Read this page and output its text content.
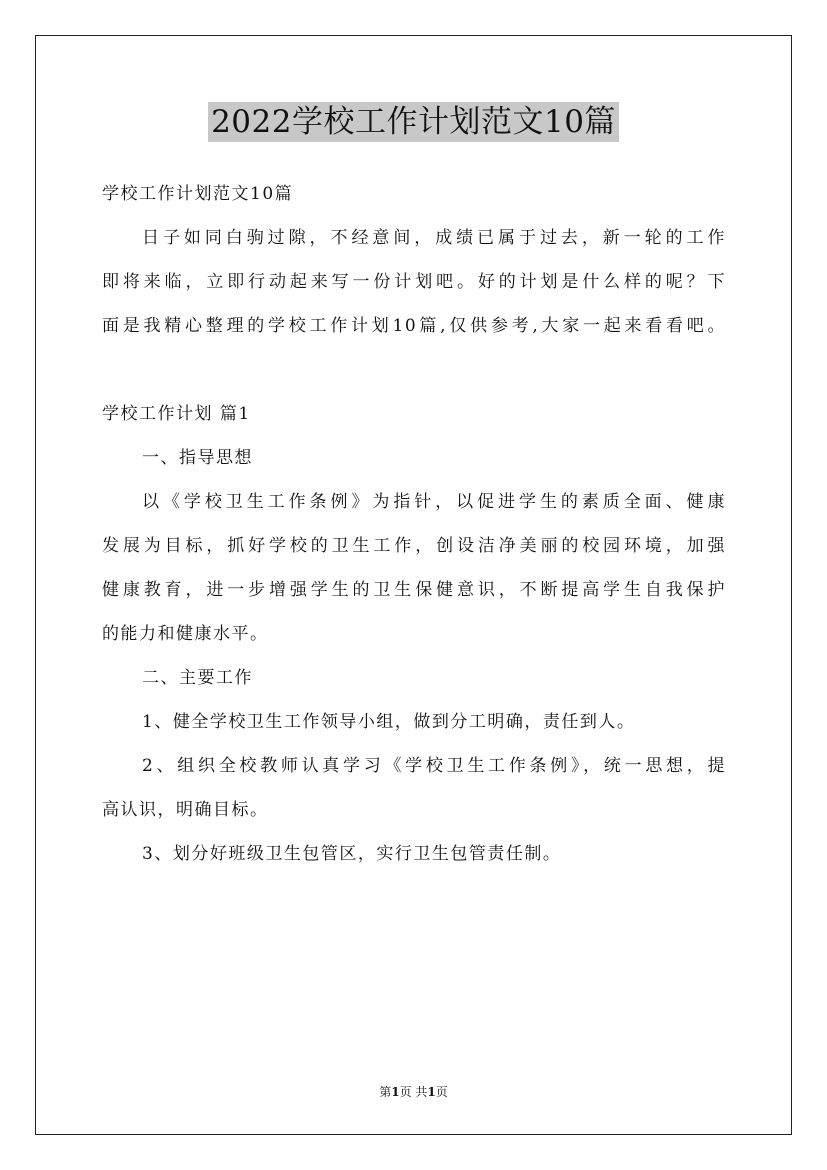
2022学校工作计划范文10篇
学校工作计划范文10篇
日子如同白驹过隙，不经意间，成绩已属于过去，新一轮的工作
即将来临，立即行动起来写一份计划吧。好的计划是什么样的呢？下
面是我精心整理的学校工作计划10篇,仅供参考,大家一起来看看吧。
学校工作计划 篇1
一、指导思想
以《学校卫生工作条例》为指针，以促进学生的素质全面、健康
发展为目标，抓好学校的卫生工作，创设洁净美丽的校园环境，加强
健康教育，进一步增强学生的卫生保健意识，不断提高学生自我保护
的能力和健康水平。
二、主要工作
1、健全学校卫生工作领导小组，做到分工明确，责任到人。
2、组织全校教师认真学习《学校卫生工作条例》，统一思想，提
高认识，明确目标。
3、划分好班级卫生包管区，实行卫生包管责任制。
第1页 共1页
